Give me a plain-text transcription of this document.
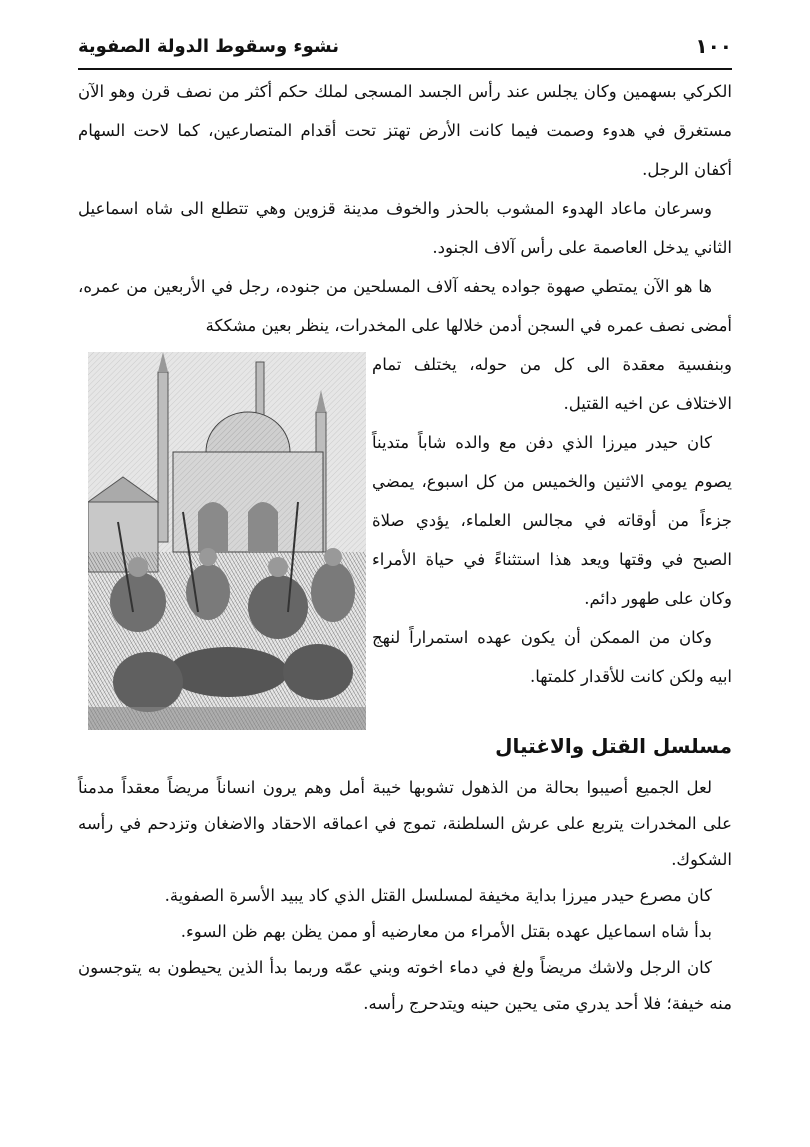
١٠٠
نشوء وسقوط الدولة الصفوية

الكركي بسهمين وكان يجلس عند رأس الجسد المسجى لملك حكم أكثر من نصف قرن وهو الآن مستغرق في هدوء وصمت فيما كانت الأرض تهتز تحت أقدام المتصارعين، كما لاحت السهام أكفان الرجل.

وسرعان ماعاد الهدوء المشوب بالحذر والخوف مدينة قزوين وهي تتطلع الى شاه اسماعيل الثاني يدخل العاصمة على رأس آلاف الجنود.

ها هو الآن يمتطي صهوة جواده يحفه آلاف المسلحين من جنوده، رجل في الأربعين من عمره، أمضى نصف عمره في السجن أدمن خلالها على المخدرات، ينظر بعين مشككة

وبنفسية معقدة الى كل من حوله، يختلف تمام الاختلاف عن اخيه القتيل.

كان حيدر ميرزا الذي دفن مع والده شاباً متديناً يصوم يومي الاثنين والخميس من كل اسبوع، يمضي جزءاً من أوقاته في مجالس العلماء، يؤدي صلاة الصبح في وقتها ويعد هذا استثناءً في حياة الأمراء وكان على طهور دائم.

وكان من الممكن أن يكون عهده استمراراً لنهج ابيه ولكن كانت للأقدار كلمتها.

مسلسل القتل والاغتيال

لعل الجميع أصيبوا بحالة من الذهول تشوبها خيبة أمل وهم يرون انساناً مريضاً معقداً مدمناً على المخدرات يتربع على عرش السلطنة، تموج في اعماقه الاحقاد والاضغان وتزدحم في رأسه الشكوك.

كان مصرع حيدر ميرزا بداية مخيفة لمسلسل القتل الذي كاد يبيد الأسرة الصفوية.

بدأ شاه اسماعيل عهده بقتل الأمراء من معارضيه أو ممن يظن بهم ظن السوء.

كان الرجل ولاشك مريضاً ولغ في دماء اخوته وبني عمّه وربما بدأ الذين يحيطون به يتوجسون منه خيفة؛ فلا أحد يدري متى يحين حينه ويتدحرج رأسه.
